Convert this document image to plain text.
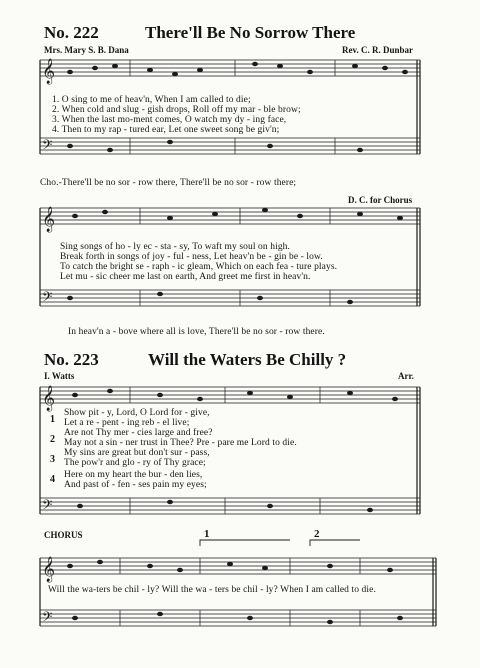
𝄞
𝄢
𝄞
𝄢
𝄞
𝄢
𝄞
𝄢
No. 222	There'll Be No Sorrow There
Mrs. Mary S. B. Dana	Rev. C. R. Dunbar
1. O sing to me of heav'n, When I am called to die;
2. When cold and slug - gish drops, Roll off my mar - ble brow;
3. When the last mo-ment comes, O watch my dy - ing face,
4. Then to my rap - tured ear, Let one sweet song be giv'n;
Cho.-There'll be no sor - row there, There'll be no sor - row there;
D. C. for Chorus
Sing songs of ho - ly ec - sta - sy, To waft my soul on high.
Break forth in songs of joy - ful - ness, Let heav'n be - gin be - low.
To catch the bright se - raph - ic gleam, Which on each fea - ture plays.
Let mu - sic cheer me last on earth, And greet me first in heav'n.
In heav'n a - bove where all is love, There'll be no sor - row there.
No. 223	Will the Waters Be Chilly ?
I. Watts	Arr.
1
2
3
4
Show pit - y, Lord, O Lord for - give,
Let a re - pent - ing reb - el live;
Are not Thy mer - cies large and free?
May not a sin - ner trust in Thee? Pre - pare me Lord to die.
My sins are great but don't sur - pass,
The pow'r and glo - ry of Thy grace;
Here on my heart the bur - den lies,
And past of - fen - ses pain my eyes;
CHORUS	1	2
Will the wa-ters be chil - ly? Will the wa - ters be chil - ly? When I am called to die.
